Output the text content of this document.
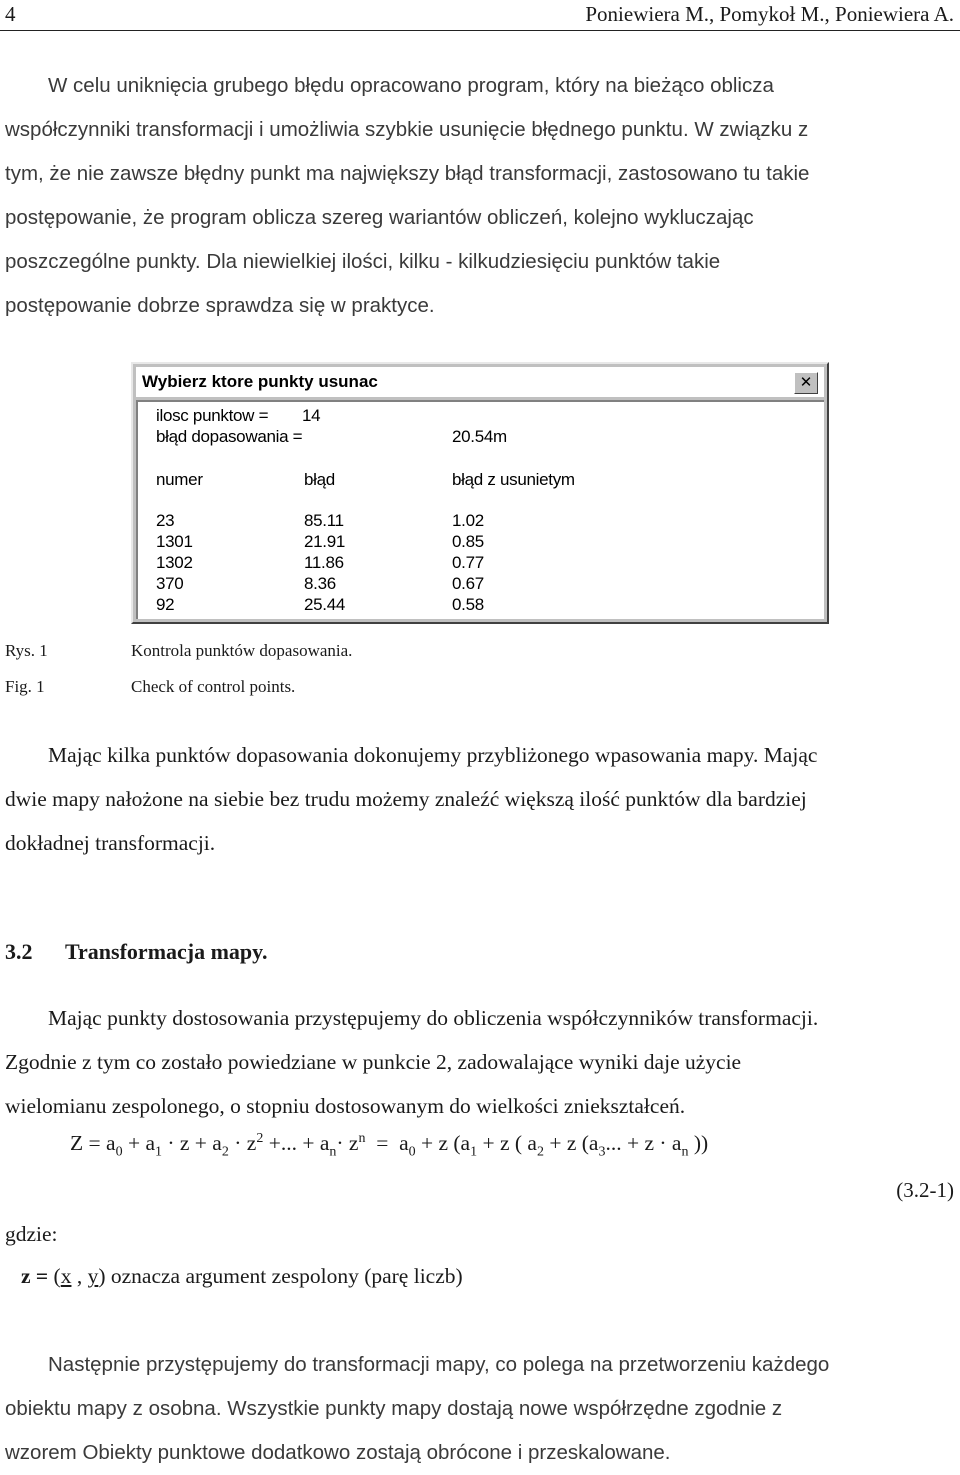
4	Poniewiera M., Pomykoł M., Poniewiera A.
W celu uniknięcia grubego błędu opracowano program, który na bieżąco oblicza
współczynniki transformacji i umożliwia szybkie usunięcie błędnego punktu. W związku z
tym, że nie zawsze błędny punkt ma największy błąd transformacji, zastosowano tu takie
postępowanie, że program oblicza szereg wariantów obliczeń, kolejno wykluczając
poszczególne punkty. Dla niewielkiej ilości, kilku - kilkudziesięciu punktów takie
postępowanie dobrze sprawdza się w praktyce.
Wybierz ktore punkty usunac	✕
ilosc punktow = 14
błąd dopasowania =	20.54m
numer	błąd	błąd z usunietym
23	85.11	1.02
1301	21.91	0.85
1302	11.86	0.77
370	8.36	0.67
92	25.44	0.58
Rys. 1	Kontrola punktów dopasowania.
Fig. 1	Check of control points.
Mając kilka punktów dopasowania dokonujemy przybliżonego wpasowania mapy. Mając
dwie mapy nałożone na siebie bez trudu możemy znaleźć większą ilość punktów dla bardziej
dokładnej transformacji.
3.2 Transformacja mapy.
Mając punkty dostosowania przystępujemy do obliczenia współczynników transformacji.
Zgodnie z tym co zostało powiedziane w punkcie 2, zadowalające wyniki daje użycie
wielomianu zespolonego, o stopniu dostosowanym do wielkości zniekształceń.
$Z = a_0 + a_1 \cdot z + a_2 \cdot z^2$ +... + $a_n\cdot z^n = a_0 + z$ ($a_1 + z$ ( $a_2 + z$ ($a_3$... + $z \cdot a_n$ ))
(3.2-1)
gdzie:
z = (x , y) oznacza argument zespolony (parę liczb)
Następnie przystępujemy do transformacji mapy, co polega na przetworzeniu każdego
obiektu mapy z osobna. Wszystkie punkty mapy dostają nowe współrzędne zgodnie z
wzorem Obiekty punktowe dodatkowo zostają obrócone i przeskalowane.
